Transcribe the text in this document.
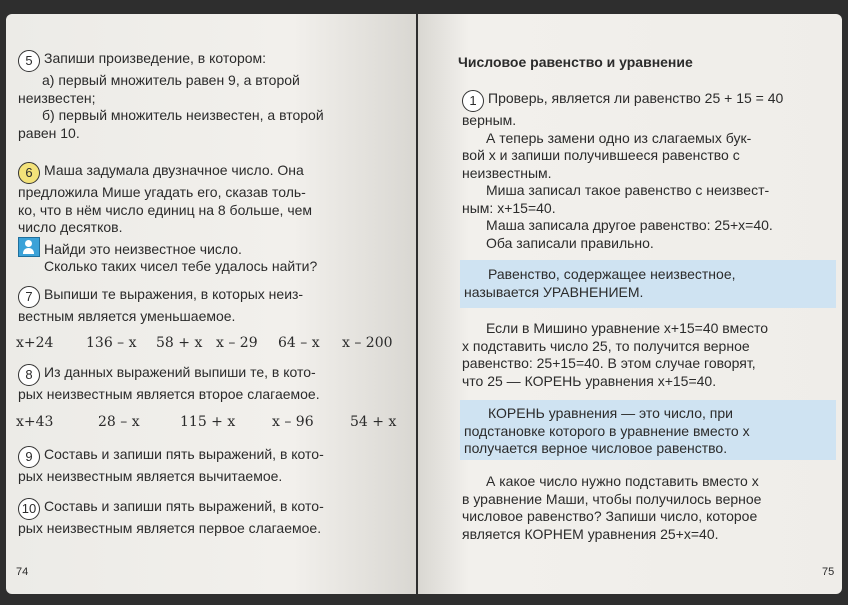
5 Запиши произведение, в котором:
а) первый множитель равен 9, а второй
неизвестен;
б) первый множитель неизвестен, а второй
равен 10.
6 Маша задумала двузначное число. Она
предложила Мише угадать его, сказав толь-
ко, что в нём число единиц на 8 больше, чем
число десятков.
Найди это неизвестное число.
Сколько таких чисел тебе удалось найти?
7 Выпиши те выражения, в которых неиз-
вестным является уменьшаемое.
x+24 136 – x 58 + x x – 29 64 – x x – 200
8 Из данных выражений выпиши те, в кото-
рых неизвестным является второе слагаемое.
x+43	28 – x	115 + x	x – 96	54 + x
9 Составь и запиши пять выражений, в кото-
рых неизвестным является вычитаемое.
10 Составь и запиши пять выражений, в кото-
рых неизвестным является первое слагаемое.
74
Числовое равенство и уравнение
1 Проверь, является ли равенство 25 + 15 = 40
верным.
А теперь замени одно из слагаемых бук-
вой x и запиши получившееся равенство с
неизвестным.
Миша записал такое равенство с неизвест-
ным: x+15=40.
Маша записала другое равенство: 25+x=40.
Оба записали правильно.
Равенство, содержащее неизвестное,
называется УРАВНЕНИЕМ.
Если в Мишино уравнение x+15=40 вместо
x подставить число 25, то получится верное
равенство: 25+15=40. В этом случае говорят,
что 25 — КОРЕНЬ уравнения x+15=40.
КОРЕНЬ уравнения — это число, при
подстановке которого в уравнение вместо x
получается верное числовое равенство.
А какое число нужно подставить вместо x
в уравнение Маши, чтобы получилось верное
числовое равенство? Запиши число, которое
является КОРНЕМ уравнения 25+x=40.
75
